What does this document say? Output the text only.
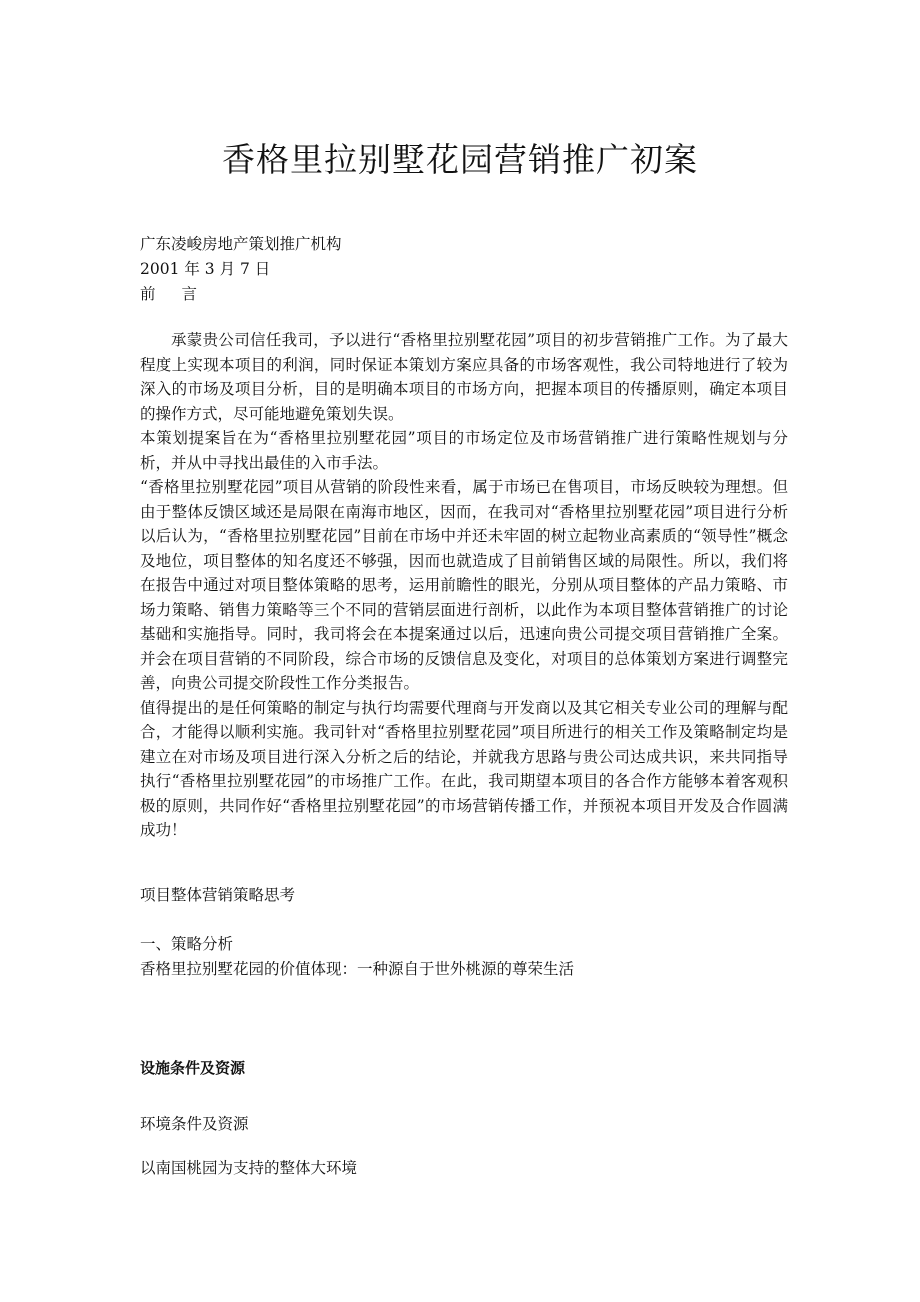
香格里拉别墅花园营销推广初案
广东凌峻房地产策划推广机构
2001 年 3 月 7 日
前 言

承蒙贵公司信任我司，予以进行“香格里拉别墅花园”项目的初步营销推广工作。为了最大程度上实现本项目的利润，同时保证本策划方案应具备的市场客观性，我公司特地进行了较为深入的市场及项目分析，目的是明确本项目的市场方向，把握本项目的传播原则，确定本项目的操作方式，尽可能地避免策划失误。

本策划提案旨在为“香格里拉别墅花园”项目的市场定位及市场营销推广进行策略性规划与分析，并从中寻找出最佳的入市手法。

“香格里拉别墅花园”项目从营销的阶段性来看，属于市场已在售项目，市场反映较为理想。但由于整体反馈区域还是局限在南海市地区，因而，在我司对“香格里拉别墅花园”项目进行分析以后认为，“香格里拉别墅花园”目前在市场中并还未牢固的树立起物业高素质的“领导性”概念及地位，项目整体的知名度还不够强，因而也就造成了目前销售区域的局限性。所以，我们将在报告中通过对项目整体策略的思考，运用前瞻性的眼光，分别从项目整体的产品力策略、市场力策略、销售力策略等三个不同的营销层面进行剖析，以此作为本项目整体营销推广的讨论基础和实施指导。同时，我司将会在本提案通过以后，迅速向贵公司提交项目营销推广全案。并会在项目营销的不同阶段，综合市场的反馈信息及变化，对项目的总体策划方案进行调整完善，向贵公司提交阶段性工作分类报告。

值得提出的是任何策略的制定与执行均需要代理商与开发商以及其它相关专业公司的理解与配合，才能得以顺利实施。我司针对“香格里拉别墅花园”项目所进行的相关工作及策略制定均是建立在对市场及项目进行深入分析之后的结论，并就我方思路与贵公司达成共识，来共同指导执行“香格里拉别墅花园”的市场推广工作。在此，我司期望本项目的各合作方能够本着客观积极的原则，共同作好“香格里拉别墅花园”的市场营销传播工作，并预祝本项目开发及合作圆满成功！

项目整体营销策略思考
一、策略分析
香格里拉别墅花园的价值体现：一种源自于世外桃源的尊荣生活
设施条件及资源
环境条件及资源
以南国桃园为支持的整体大环境
